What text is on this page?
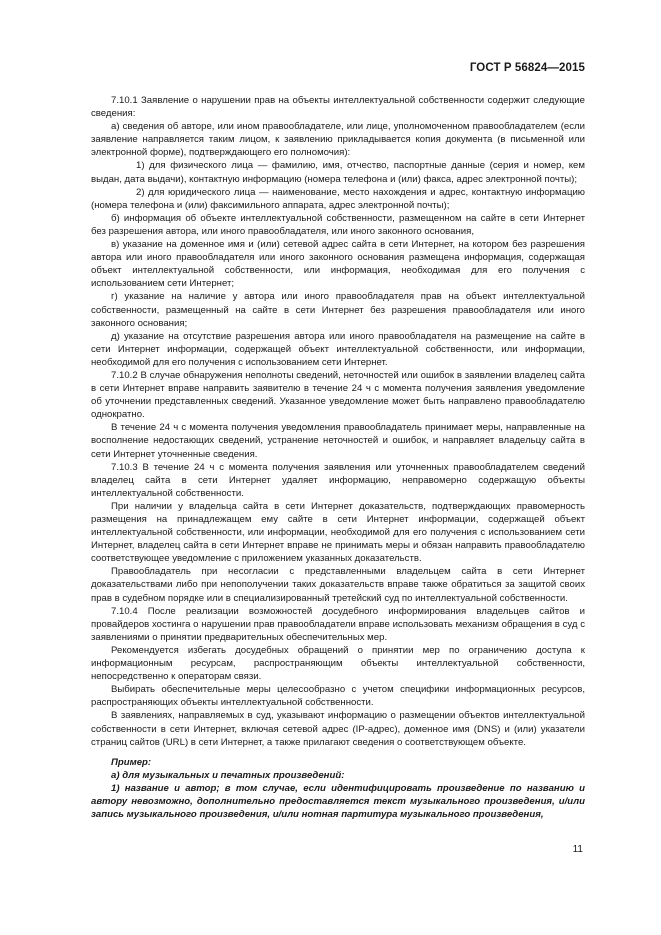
ГОСТ Р 56824—2015

7.10.1 Заявление о нарушении прав на объекты интеллектуальной собственности содержит следующие сведения:

а) сведения об авторе, или ином правообладателе, или лице, уполномоченном правообладателем (если заявление направляется таким лицом, к заявлению прикладывается копия документа (в письменной или электронной форме), подтверждающего его полномочия):

1) для физического лица — фамилию, имя, отчество, паспортные данные (серия и номер, кем выдан, дата выдачи), контактную информацию (номера телефона и (или) факса, адрес электронной почты);

2) для юридического лица — наименование, место нахождения и адрес, контактную информацию (номера телефона и (или) факсимильного аппарата, адрес электронной почты);

б) информация об объекте интеллектуальной собственности, размещенном на сайте в сети Интернет без разрешения автора, или иного правообладателя, или иного законного основания,

в) указание на доменное имя и (или) сетевой адрес сайта в сети Интернет, на котором без разрешения автора или иного правообладателя или иного законного основания размещена информация, содержащая объект интеллектуальной собственности, или информация, необходимая для его получения с использованием сети Интернет;

г) указание на наличие у автора или иного правообладателя прав на объект интеллектуальной собственности, размещенный на сайте в сети Интернет без разрешения правообладателя или иного законного основания;

д) указание на отсутствие разрешения автора или иного правообладателя на размещение на сайте в сети Интернет информации, содержащей объект интеллектуальной собственности, или информации, необходимой для его получения с использованием сети Интернет.

7.10.2 В случае обнаружения неполноты сведений, неточностей или ошибок в заявлении владелец сайта в сети Интернет вправе направить заявителю в течение 24 ч с момента получения заявления уведомление об уточнении представленных сведений. Указанное уведомление может быть направлено правообладателю однократно.

В течение 24 ч с момента получения уведомления правообладатель принимает меры, направленные на восполнение недостающих сведений, устранение неточностей и ошибок, и направляет владельцу сайта в сети Интернет уточненные сведения.

7.10.3 В течение 24 ч с момента получения заявления или уточненных правообладателем сведений владелец сайта в сети Интернет удаляет информацию, неправомерно содержащую объекты интеллектуальной собственности.

При наличии у владельца сайта в сети Интернет доказательств, подтверждающих правомерность размещения на принадлежащем ему сайте в сети Интернет информации, содержащей объект интеллектуальной собственности, или информации, необходимой для его получения с использованием сети Интернет, владелец сайта в сети Интернет вправе не принимать меры и обязан направить правообладателю соответствующее уведомление с приложением указанных доказательств.

Правообладатель при несогласии с представленными владельцем сайта в сети Интернет доказательствами либо при непополучении таких доказательств вправе также обратиться за защитой своих прав в судебном порядке или в специализированный третейский суд по интеллектуальной собственности.

7.10.4 После реализации возможностей досудебного информирования владельцев сайтов и провайдеров хостинга о нарушении прав правообладатели вправе использовать механизм обращения в суд с заявлениями о принятии предварительных обеспечительных мер.

Рекомендуется избегать досудебных обращений о принятии мер по ограничению доступа к информационным ресурсам, распространяющим объекты интеллектуальной собственности, непосредственно к операторам связи.

Выбирать обеспечительные меры целесообразно с учетом специфики информационных ресурсов, распространяющих объекты интеллектуальной собственности.

В заявлениях, направляемых в суд, указывают информацию о размещении объектов интеллектуальной собственности в сети Интернет, включая сетевой адрес (IP-адрес), доменное имя (DNS) и (или) указатели страниц сайтов (URL) в сети Интернет, а также прилагают сведения о соответствующем объекте.

Пример:

а) для музыкальных и печатных произведений:

1) название и автор; в том случае, если идентифицировать произведение по названию и автору невозможно, дополнительно предоставляется текст музыкального произведения, и/или запись музыкального произведения, и/или нотная партитура музыкального произведения,

11
